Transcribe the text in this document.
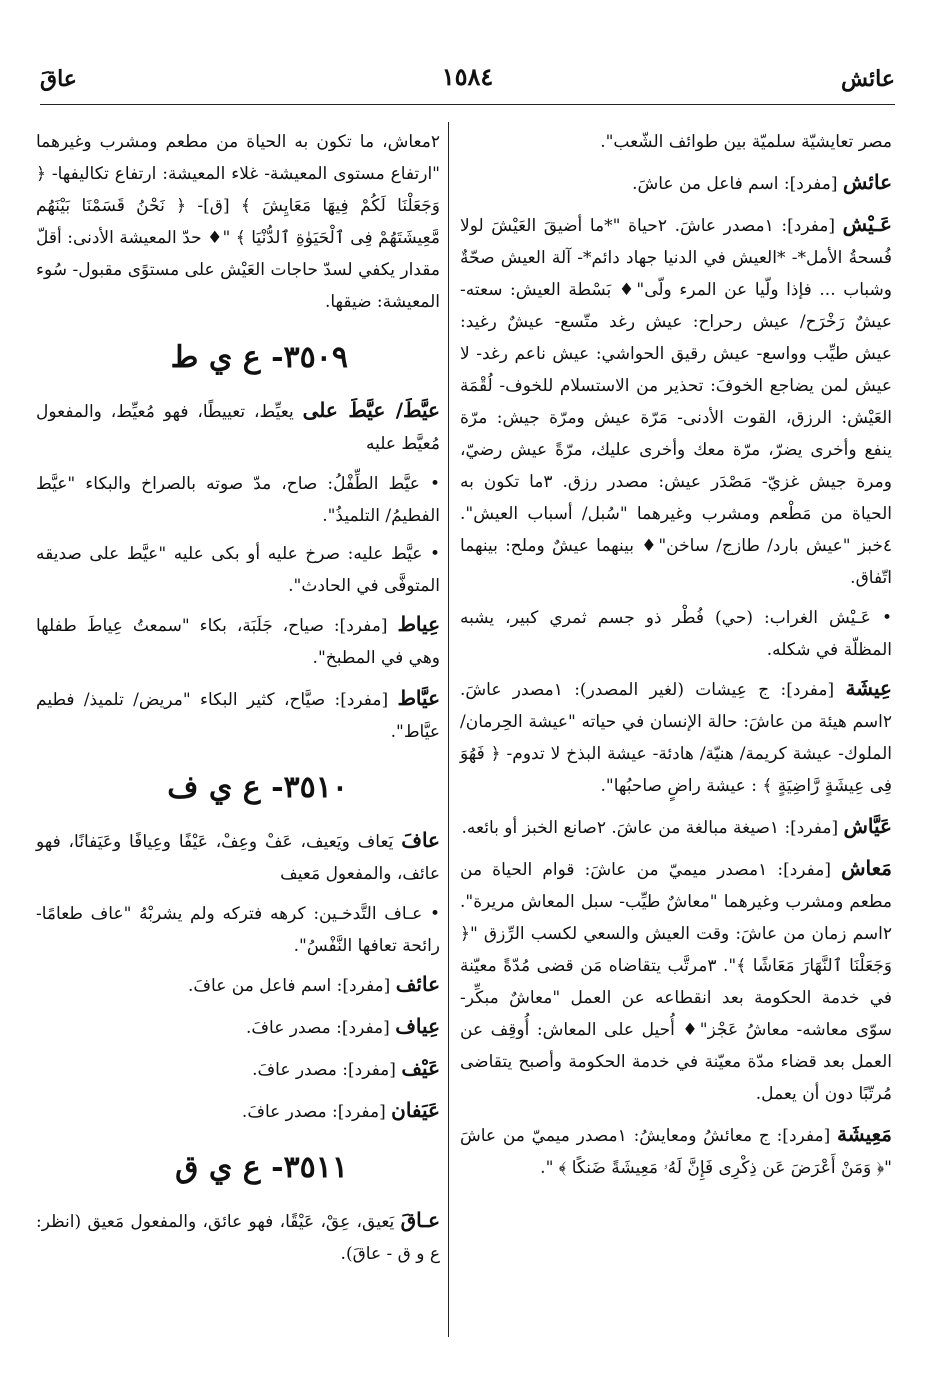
عائش
١٥٨٤
عاقَ

مصر تعايشيّة سلميّة بين طوائف الشّعب".

عائش [مفرد]: اسم فاعل من عاشَ.

عَـيْش [مفرد]: ١مصدر عاشَ. ٢حياة "*ما أضيقَ العَيْشَ لولا فُسحةُ الأمل*- *العيش في الدنيا جهاد دائم*- آلة العيش صحّةٌ وشباب ... فإذا ولّيا عن المرء ولّى"♦ بَسْطة العيش: سعته- عيشٌ رَخْرَح/ عيش رحراح: عيش رغد متّسع- عيشٌ رغيد: عيش طيِّب وواسع- عيش رقيق الحواشي: عيش ناعم رغد- لا عيش لمن يضاجع الخوفَ: تحذير من الاستسلام للخوف- لُقْمَة العَيْش: الرزق، القوت الأدنى- مَرّة عيش ومرّة جيش: مرّة ينفع وأخرى يضرّ، مرّة معك وأخرى عليك، مرّةً عيش رضيّ، ومرة جيش غزيّ- مَصْدَر عيش: مصدر رزق. ٣ما تكون به الحياة من مَطْعم ومشرب وغيرهما "سُبل/ أسباب العيش". ٤خبز "عيش بارد/ طازج/ ساخن"♦ بينهما عيشٌ وملح: بينهما اتّفاق.

• عَـيْش الغراب: (حي) فُطْر ذو جسم ثمري كبير، يشبه المظلّة في شكله.

عِيشَة [مفرد]: ج عِيشات (لغير المصدر): ١مصدر عاشَ. ٢اسم هيئة من عاشَ: حالة الإنسان في حياته "عيشة الحِرمان/ الملوك- عيشة كريمة/ هنيّة/ هادئة- عيشة البذخ لا تدوم- ﴿ فَهُوَ فِى عِيشَةٍ رَّاضِيَةٍ ﴾ : عيشة راضٍ صاحبُها".

عَيَّاش [مفرد]: ١صيغة مبالغة من عاشَ. ٢صانع الخبز أو بائعه.

مَعاش [مفرد]: ١مصدر ميميّ من عاشَ: قوام الحياة من مطعم ومشرب وغيرهما "معاشٌ طيِّب- سبل المعاش مريرة". ٢اسم زمان من عاشَ: وقت العيش والسعي لكسب الرِّزق "﴿ وَجَعَلْنَا ٱلنَّهَارَ مَعَاشًا ﴾". ٣مرتَّب يتقاضاه مَن قضى مُدّةً معيّنة في خدمة الحكومة بعد انقطاعه عن العمل "معاشٌ مبكِّر- سوّى معاشه- معاشُ عَجْز"♦ أُحيل على المعاش: أُوقِف عن العمل بعد قضاء مدّة معيّنة في خدمة الحكومة وأصبح يتقاضى مُرتّبًا دون أن يعمل.

مَعِيشَة [مفرد]: ج معائشُ ومعايشُ: ١مصدر ميميّ من عاشَ "﴿ وَمَنْ أَعْرَضَ عَن ذِكْرِى فَإِنَّ لَهُۥ مَعِيشَةً ضَنكًا ﴾ ".

٢معاش، ما تكون به الحياة من مطعم ومشرب وغيرهما "ارتفاع مستوى المعيشة- غلاء المعيشة: ارتفاع تكاليفها- ﴿ وَجَعَلْنَا لَكُمْ فِيهَا مَعَايِشَ ﴾ [ق]- ﴿ نَحْنُ قَسَمْنَا بَيْنَهُم مَّعِيشَتَهُمْ فِى ٱلْحَيَوٰةِ ٱلدُّنْيَا ﴾ "♦ حدّ المعيشة الأدنى: أقلّ مقدار يكفي لسدّ حاجات العَيْش على مستوًى مقبول- سُوء المعيشة: ضيقها.

٣٥٠٩- ع ي ط

عيَّطَ/ عيَّطَ على يعيِّط، تعييطًا، فهو مُعيِّط، والمفعول مُعيَّط عليه

• عيَّط الطِّفْلُ: صاح، مدّ صوته بالصراخ والبكاء "عيَّط الفطيمُ/ التلميذُ".

• عيَّط عليه: صرخ عليه أو بكى عليه "عيَّط على صديقه المتوفَّى في الحادث".

عِياط [مفرد]: صياح، جَلَبَة، بكاء "سمعتُ عِياطَ طفلها وهي في المطبخ".

عيَّاط [مفرد]: صيَّاح، كثير البكاء "مريض/ تلميذ/ فطيم عيَّاط".

٣٥١٠- ع ي ف

عافَ يَعاف ويَعيف، عَفْ وعِفْ، عَيْفًا وعِيافًا وعَيَفانًا، فهو عائف، والمفعول مَعيف

• عـاف التَّدخـين: كرهه فتركه ولم يشربْهُ "عاف طعامًا- رائحة تعافها النَّفْسُ".

عائف [مفرد]: اسم فاعل من عافَ.

عِياف [مفرد]: مصدر عافَ.

عَيْف [مفرد]: مصدر عافَ.

عَيَفان [مفرد]: مصدر عافَ.

٣٥١١- ع ي ق

عـاقَ يَعيق، عِقْ، عَيْقًا، فهو عائق، والمفعول مَعيق (انظر: ع و ق - عاقَ).
